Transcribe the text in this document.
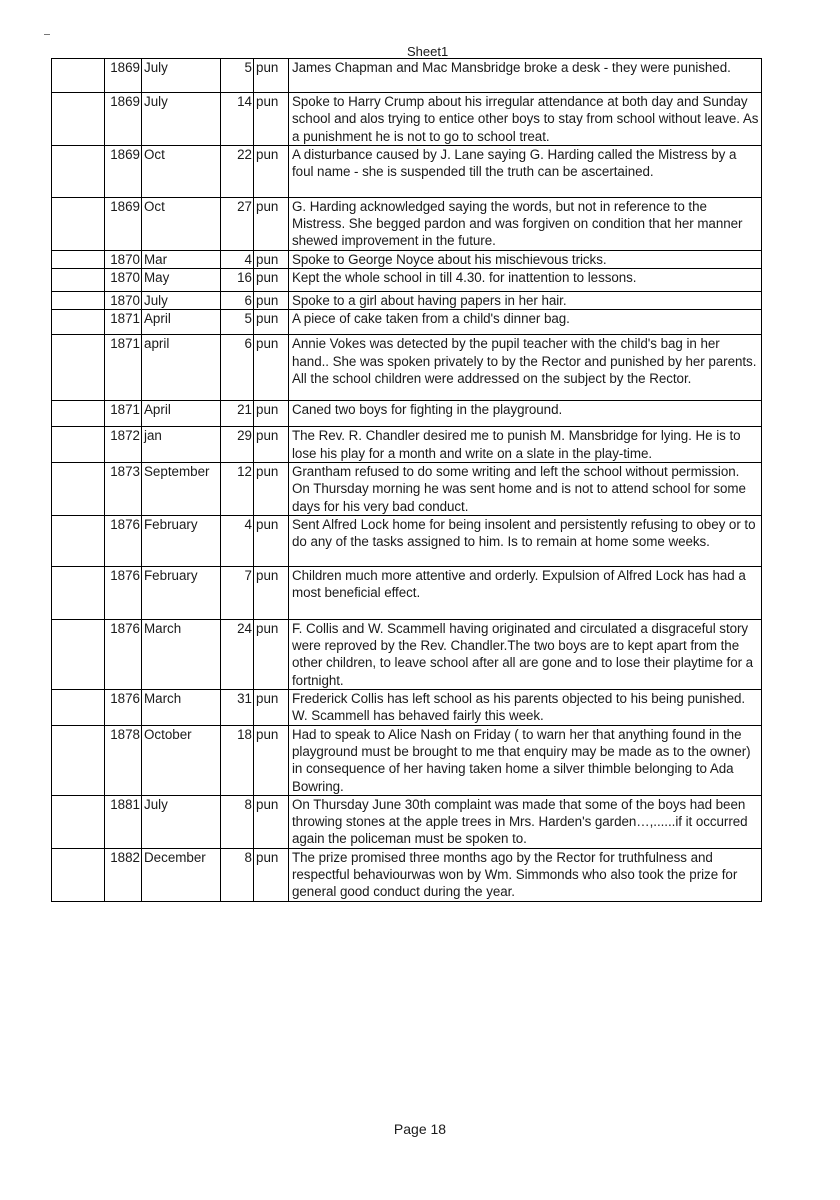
Sheet1
	1869	July	5	pun	James Chapman and Mac Mansbridge broke a desk - they were punished.
	1869	July	14	pun	Spoke to Harry Crump about his irregular attendance at both day and Sunday school and alos trying to entice other boys to stay from school without leave. As a punishment he is not to go to school treat.
	1869	Oct	22	pun	A disturbance caused by J. Lane saying G. Harding called the Mistress by a foul name - she is suspended till the truth can be ascertained.
	1869	Oct	27	pun	G. Harding acknowledged saying the words, but not in reference to the Mistress. She begged pardon and was forgiven on condition that her manner shewed improvement in the future.
	1870	Mar	4	pun	Spoke to George Noyce about his mischievous tricks.
	1870	May	16	pun	Kept the whole school in till 4.30. for inattention to lessons.
	1870	July	6	pun	Spoke to a girl about having papers in her hair.
	1871	April	5	pun	A piece of cake taken from a child's dinner bag.
	1871	april	6	pun	Annie Vokes was detected by the pupil teacher with the child's bag in her hand.. She was spoken privately to by the Rector and punished by her parents. All the school children were addressed on the subject by the Rector.
	1871	April	21	pun	Caned two boys for fighting in the playground.
	1872	jan	29	pun	The Rev. R. Chandler desired me to punish M. Mansbridge for lying. He is to lose his play for a month and write on a slate in the play-time.
	1873	September	12	pun	Grantham refused to do some writing and left the school without permission. On Thursday morning he was sent home and is not to attend school for some days for his very bad conduct.
	1876	February	4	pun	Sent Alfred Lock home for being insolent and persistently refusing to obey or to do any of the tasks assigned to him. Is to remain at home some weeks.
	1876	February	7	pun	Children much more attentive and orderly. Expulsion of Alfred Lock has had a most beneficial effect.
	1876	March	24	pun	F. Collis and W. Scammell having originated and circulated a disgraceful story were reproved by the Rev. Chandler.The two boys are to kept apart from the other children, to leave school after all are gone and to lose their playtime for a fortnight.
	1876	March	31	pun	Frederick Collis has left school as his parents objected to his being punished. W. Scammell has behaved fairly this week.
	1878	October	18	pun	Had to speak to Alice Nash on Friday ( to warn her that anything found in the playground must be brought to me that enquiry may be made as to the owner) in consequence of her having taken home a silver thimble belonging to Ada Bowring.
	1881	July	8	pun	On Thursday June 30th complaint was made that some of the boys had been throwing stones at the apple trees in Mrs. Harden's garden…,......if it occurred again the policeman must be spoken to.
	1882	December	8	pun	The prize promised three months ago by the Rector for truthfulness and respectful behaviourwas won by Wm. Simmonds who also took the prize for general good conduct during the year.
Page 18
